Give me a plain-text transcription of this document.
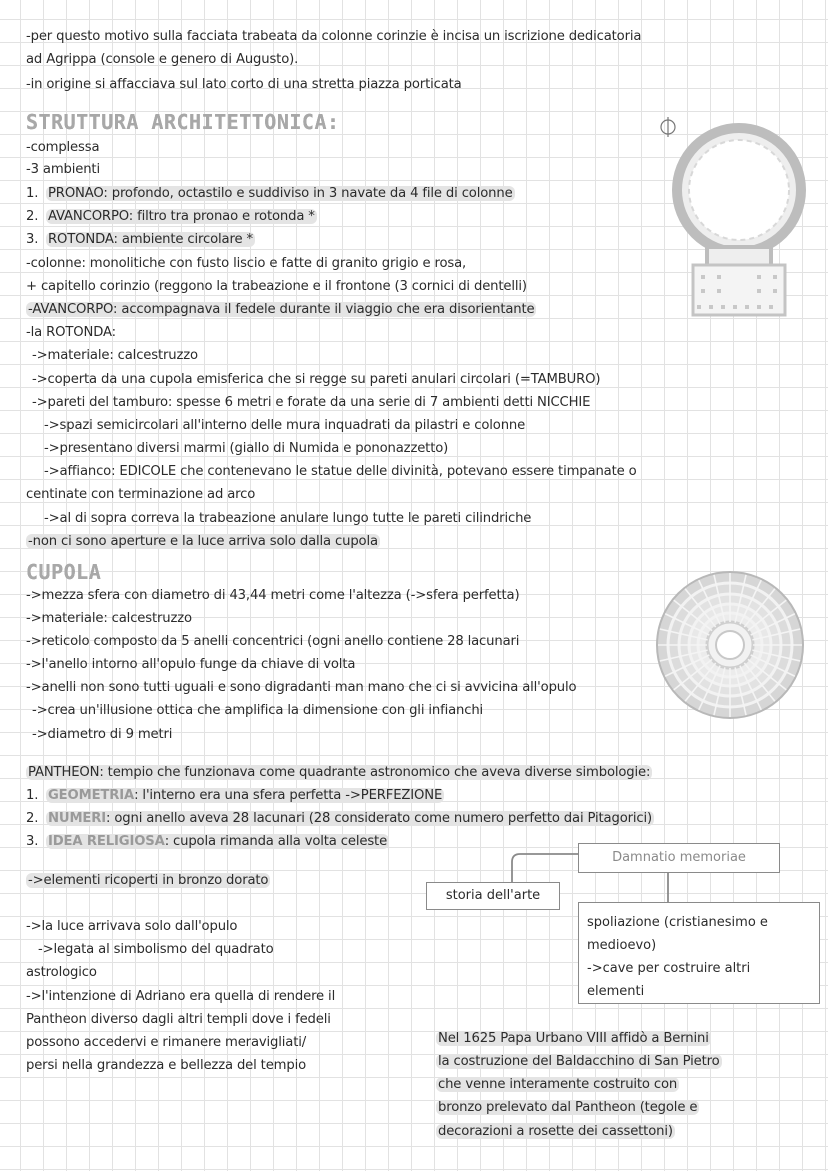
-per questo motivo sulla facciata trabeata da colonne corinzie è incisa un iscrizione dedicatoria
ad Agrippa (console e genero di Augusto).
-in origine si affacciava sul lato corto di una stretta piazza porticata
STRUTTURA ARCHITETTONICA:
-complessa
-3 ambienti
1. PRONAO: profondo, octastilo e suddiviso in 3 navate da 4 file di colonne
2. AVANCORPO: filtro tra pronao e rotonda *
3. ROTONDA: ambiente circolare *
-colonne: monolitiche con fusto liscio e fatte di granito grigio e rosa,
+ capitello corinzio (reggono la trabeazione e il frontone (3 cornici di dentelli)
-AVANCORPO: accompagnava il fedele durante il viaggio che era disorientante
-la ROTONDA:
->materiale: calcestruzzo
->coperta da una cupola emisferica che si regge su pareti anulari circolari (=TAMBURO)
->pareti del tamburo: spesse 6 metri e forate da una serie di 7 ambienti detti NICCHIE
->spazi semicircolari all'interno delle mura inquadrati da pilastri e colonne
->presentano diversi marmi (giallo di Numida e pononazzetto)
->affianco: EDICOLE che contenevano le statue delle divinità, potevano essere timpanate o
centinate con terminazione ad arco
->al di sopra correva la trabeazione anulare lungo tutte le pareti cilindriche
-non ci sono aperture e la luce arriva solo dalla cupola
CUPOLA
->mezza sfera con diametro di 43,44 metri come l'altezza (->sfera perfetta)
->materiale: calcestruzzo
->reticolo composto da 5 anelli concentrici (ogni anello contiene 28 lacunari
->l'anello intorno all'opulo funge da chiave di volta
->anelli non sono tutti uguali e sono digradanti man mano che ci si avvicina all'opulo
->crea un'illusione ottica che amplifica la dimensione con gli infianchi
->diametro di 9 metri
PANTHEON: tempio che funzionava come quadrante astronomico che aveva diverse simbologie:
1. GEOMETRIA: l'interno era una sfera perfetta ->PERFEZIONE
2. NUMERI: ogni anello aveva 28 lacunari (28 considerato come numero perfetto dai Pitagorici)
3. IDEA RELIGIOSA: cupola rimanda alla volta celeste
->elementi ricoperti in bronzo dorato
->la luce arrivava solo dall'opulo
->legata al simbolismo del quadrato
astrologico
->l'intenzione di Adriano era quella di rendere il
Pantheon diverso dagli altri templi dove i fedeli
possono accedervi e rimanere meravigliati/
persi nella grandezza e bellezza del tempio
storia dell'arte
Damnatio memoriae
spoliazione (cristianesimo e
medioevo)
->cave per costruire altri
elementi
Nel 1625 Papa Urbano VIII affidò a Bernini
la costruzione del Baldacchino di San Pietro
che venne interamente costruito con
bronzo prelevato dal Pantheon (tegole e
decorazioni a rosette dei cassettoni)
